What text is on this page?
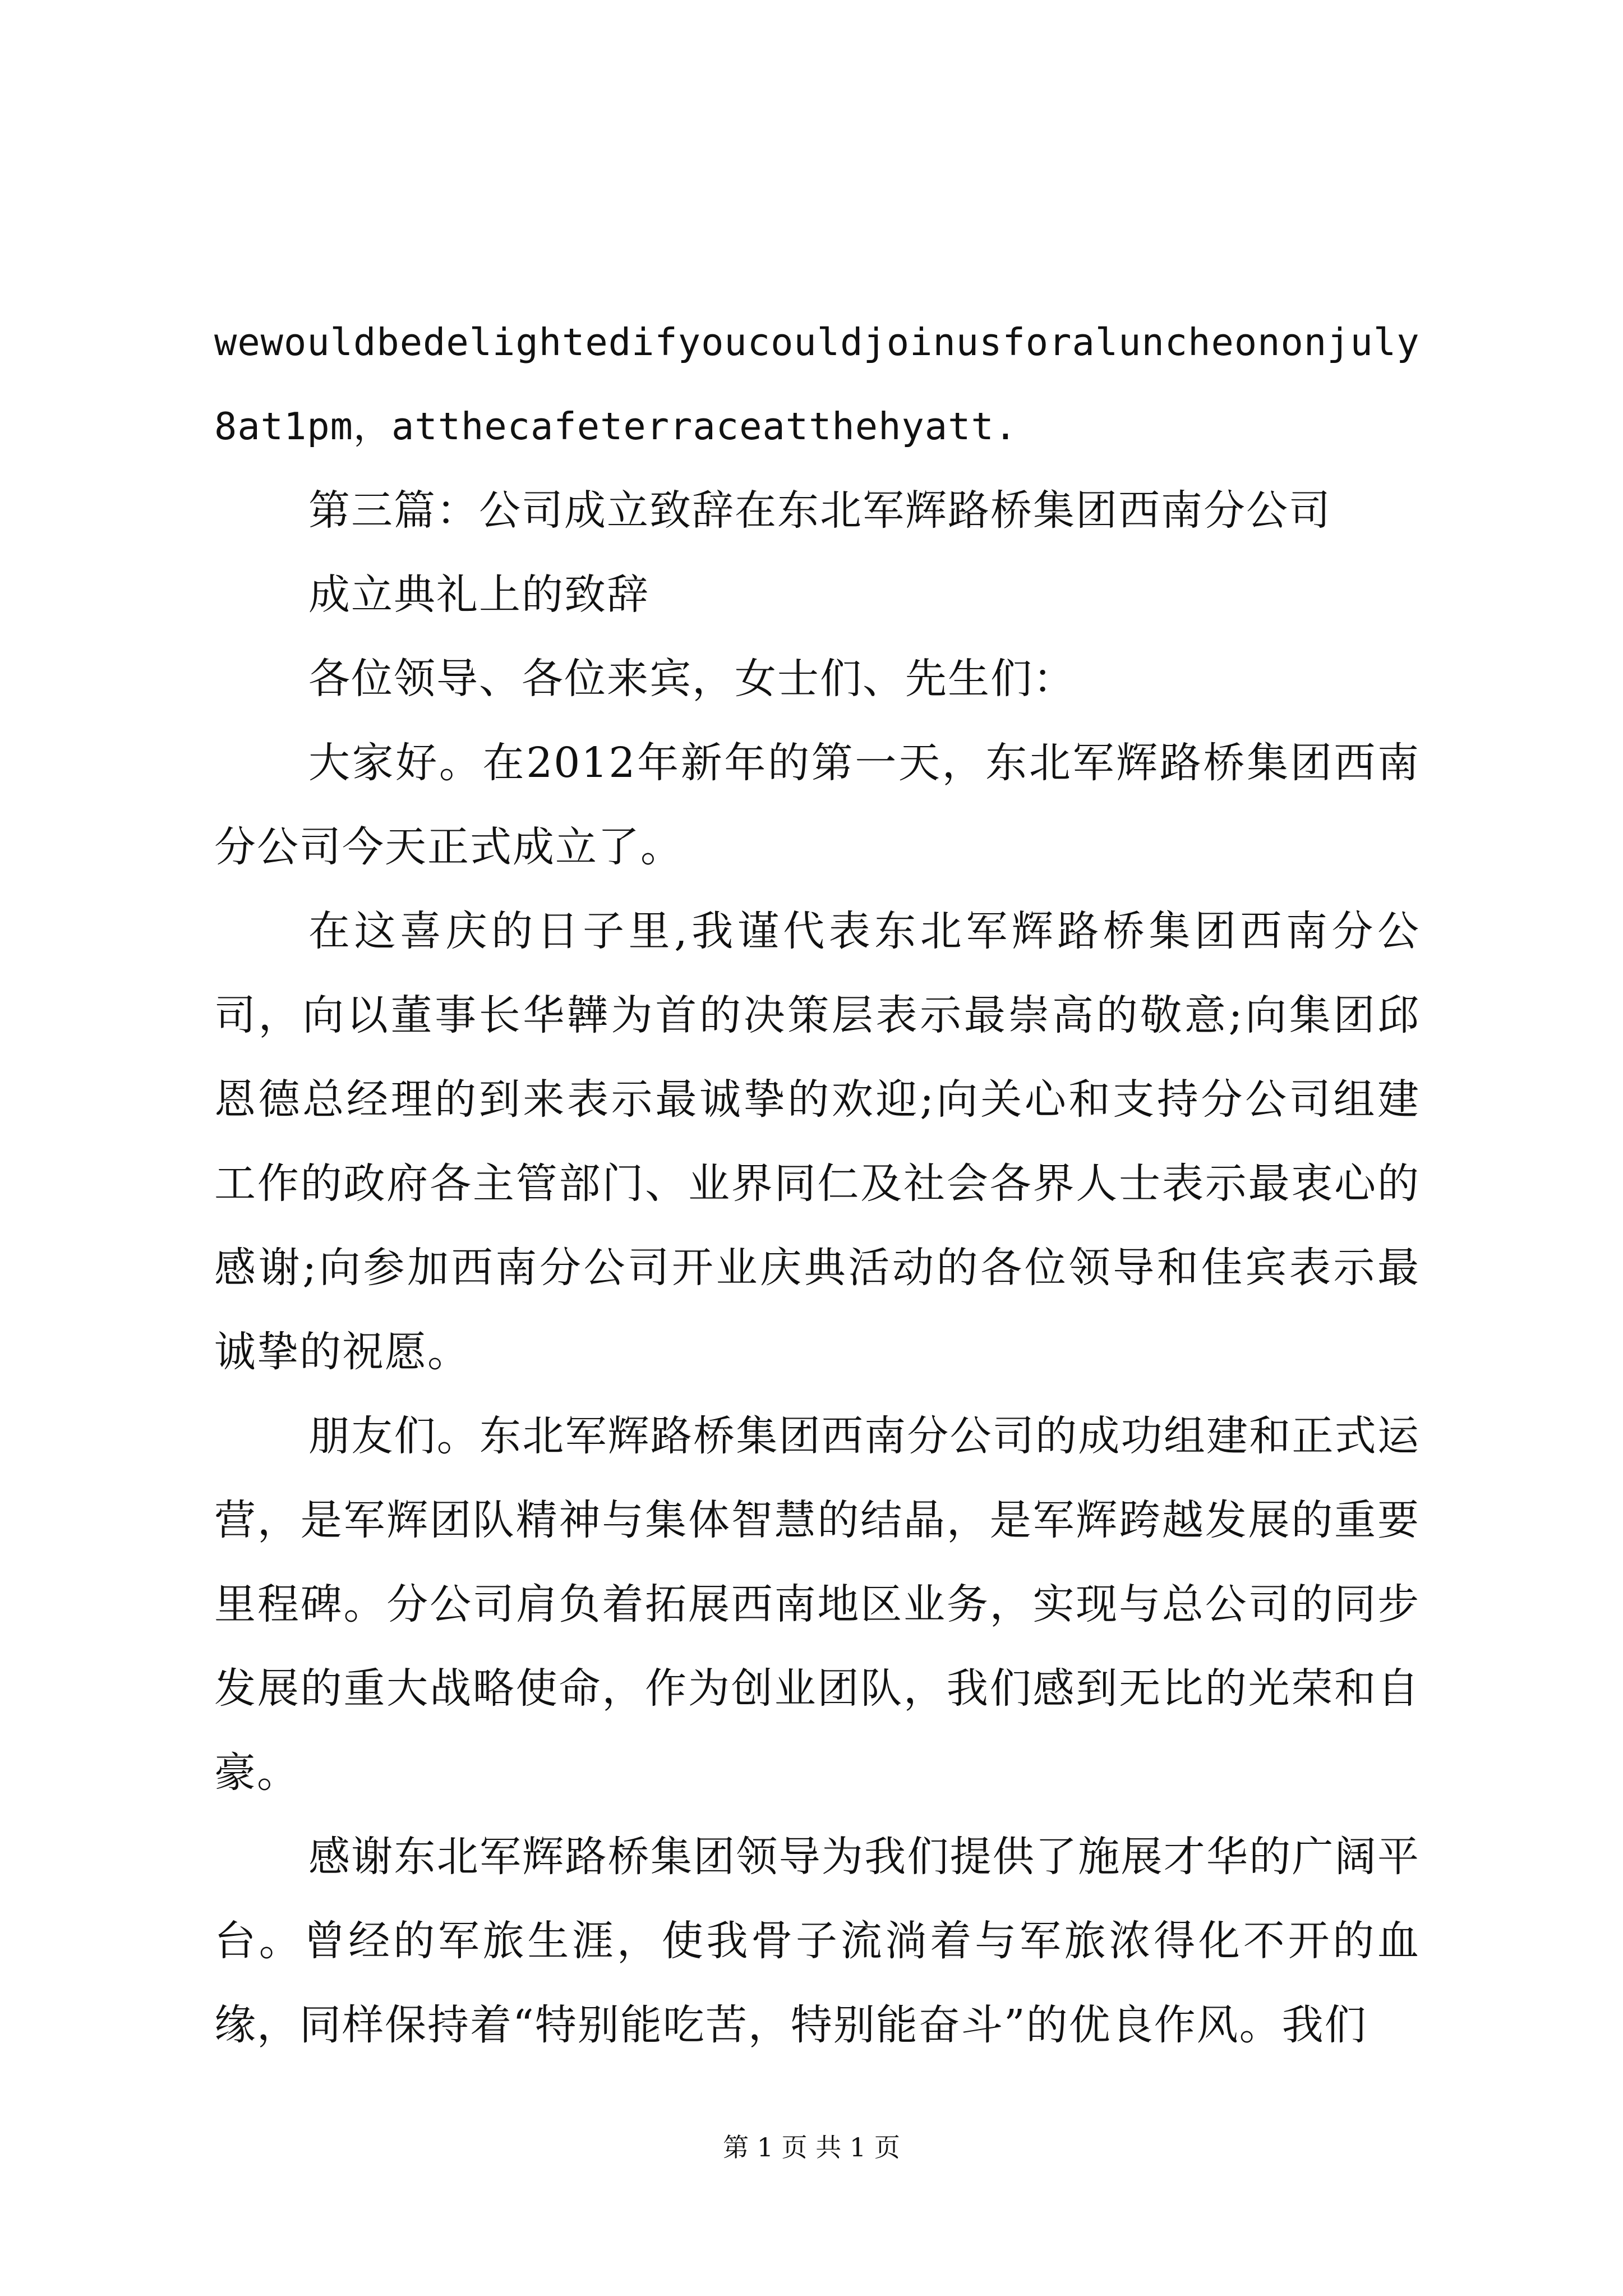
wewouldbedelightedifyoucouldjoinusforaluncheononjuly8at1pm，atthecafeterraceatthehyatt.

第三篇：公司成立致辞在东北军辉路桥集团西南分公司

成立典礼上的致辞

各位领导、各位来宾，女士们、先生们：

大家好。在2012年新年的第一天，东北军辉路桥集团西南分公司今天正式成立了。

在这喜庆的日子里,我谨代表东北军辉路桥集团西南分公司，向以董事长华韡为首的决策层表示最崇高的敬意;向集团邱恩德总经理的到来表示最诚挚的欢迎;向关心和支持分公司组建工作的政府各主管部门、业界同仁及社会各界人士表示最衷心的感谢;向参加西南分公司开业庆典活动的各位领导和佳宾表示最诚挚的祝愿。

朋友们。东北军辉路桥集团西南分公司的成功组建和正式运营，是军辉团队精神与集体智慧的结晶，是军辉跨越发展的重要里程碑。分公司肩负着拓展西南地区业务，实现与总公司的同步发展的重大战略使命，作为创业团队，我们感到无比的光荣和自豪。

感谢东北军辉路桥集团领导为我们提供了施展才华的广阔平台。曾经的军旅生涯，使我骨子流淌着与军旅浓得化不开的血缘，同样保持着“特别能吃苦，特别能奋斗”的优良作风。我们

第 1 页 共 1 页
